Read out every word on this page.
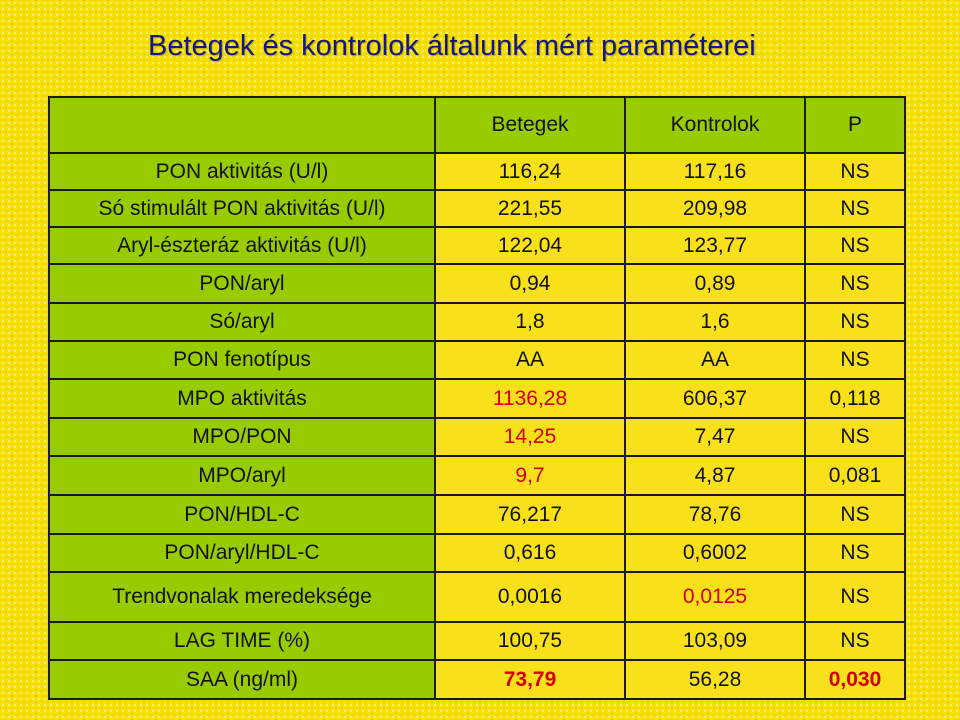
Betegek és kontrolok általunk mért paraméterei
	Betegek	Kontrolok	P
PON aktivitás (U/l)	116,24	117,16	NS
Só stimulált PON aktivitás (U/l)	221,55	209,98	NS
Aryl-észteráz aktivitás (U/l)	122,04	123,77	NS
PON/aryl	0,94	0,89	NS
Só/aryl	1,8	1,6	NS
PON fenotípus	AA	AA	NS
MPO aktivitás	1136,28	606,37	0,118
MPO/PON	14,25	7,47	NS
MPO/aryl	9,7	4,87	0,081
PON/HDL-C	76,217	78,76	NS
PON/aryl/HDL-C	0,616	0,6002	NS
Trendvonalak meredeksége	0,0016	0,0125	NS
LAG TIME (%)	100,75	103,09	NS
SAA (ng/ml)	73,79	56,28	0,030
